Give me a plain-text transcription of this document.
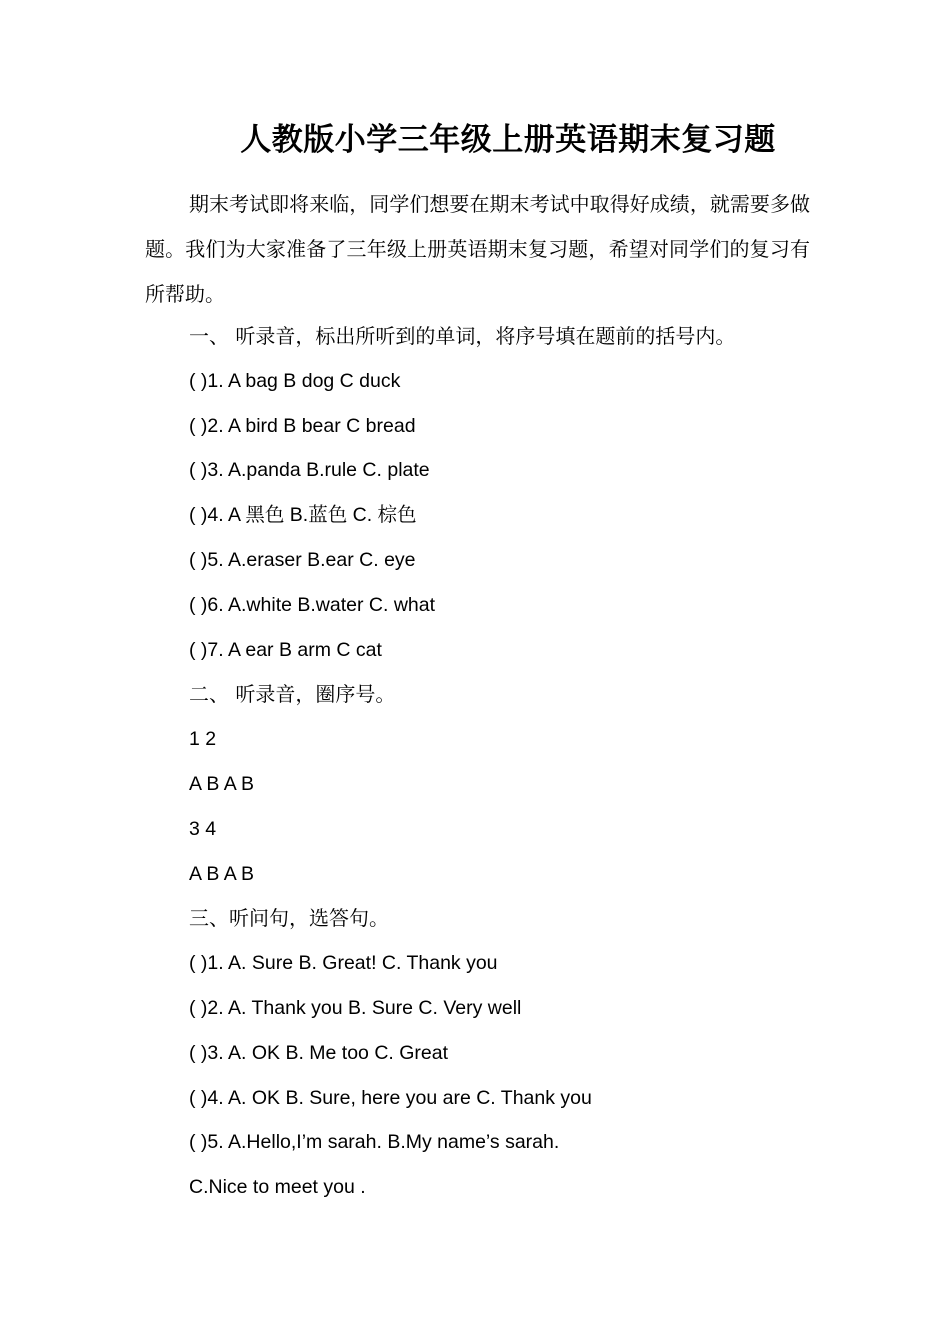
人教版小学三年级上册英语期末复习题

期末考试即将来临，同学们想要在期末考试中取得好成绩，就需要多做题。我们为大家准备了三年级上册英语期末复习题，希望对同学们的复习有所帮助。

一、 听录音，标出所听到的单词，将序号填在题前的括号内。
( )1. A bag B dog C duck
( )2. A bird B bear C bread
( )3. A.panda B.rule C. plate
( )4. A 黑色 B.蓝色 C. 棕色
( )5. A.eraser B.ear C. eye
( )6. A.white B.water C. what
( )7. A ear B arm C cat
二、 听录音，圈序号。
1 2
A B A B
3 4
A B A B
三、听问句，选答句。
( )1. A. Sure B. Great! C. Thank you
( )2. A. Thank you B. Sure C. Very well
( )3. A. OK B. Me too C. Great
( )4. A. OK B. Sure, here you are C. Thank you
( )5. A.Hello,I’m sarah. B.My name’s sarah.
C.Nice to meet you .
